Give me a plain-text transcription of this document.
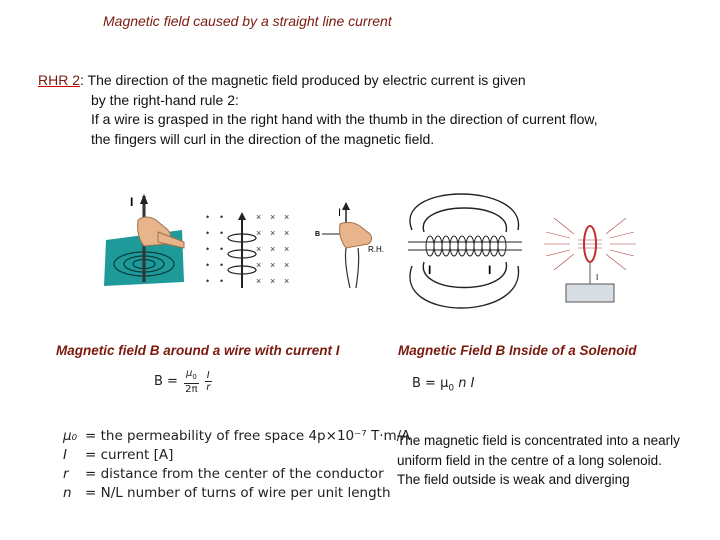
Magnetic field caused by a straight line current
RHR 2: The direction of the magnetic field produced by electric current is given
by the right-hand rule 2:
If a wire is grasped in the right hand with the thumb in the direction of current flow,
the fingers will curl in the direction of the magnetic field.
I
•
•
•
•
•
•
•
•
•
•
×
×
×
×
×
×
×
×
×
×
×
×
×
×
×
I
B
R.H.
I	I
I
Magnetic field B around a wire with current I	Magnetic Field B Inside of a Solenoid
$B = \frac{\mu_0}{2\pi} \frac{I}{r}$	$B = \mu_0$ n I
μ₀ = the permeability of free space 4p×10⁻⁷ T·m/A
I	= current [A]
r	= distance from the center of the conductor
n = N/L number of turns of wire per unit length
The magnetic field is concentrated into a nearly uniform field in the centre of a long solenoid. The field outside is weak and diverging
